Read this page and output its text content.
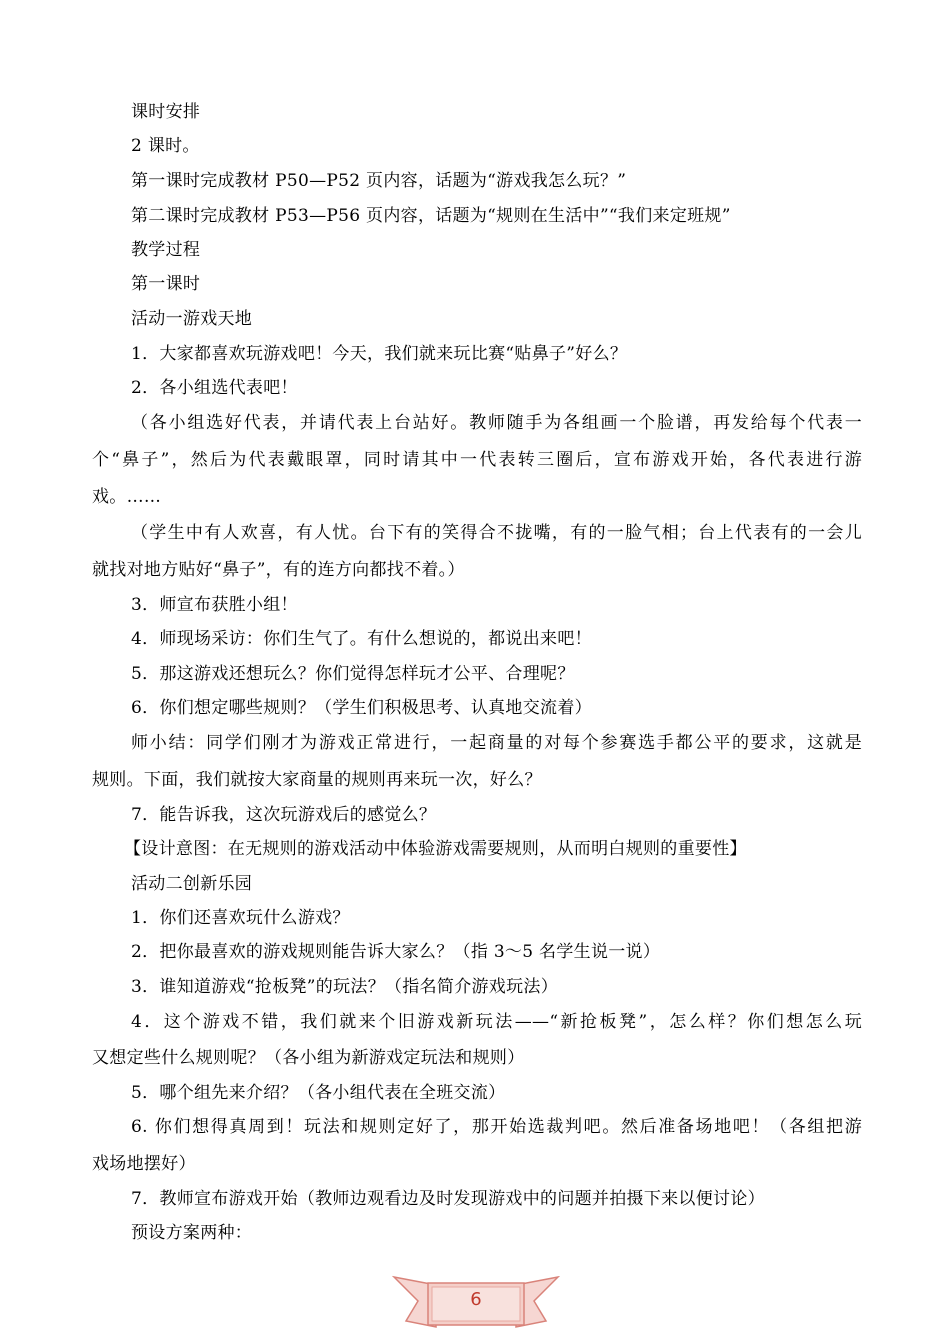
课时安排
2 课时。
第一课时完成教材 P50—P52 页内容，话题为“游戏我怎么玩？”
第二课时完成教材 P53—P56 页内容，话题为“规则在生活中”“我们来定班规”
教学过程
第一课时
活动一游戏天地
1．大家都喜欢玩游戏吧！今天，我们就来玩比赛“贴鼻子”好么？
2．各小组选代表吧！
（各小组选好代表，并请代表上台站好。教师随手为各组画一个脸谱，再发给每个代表一
个“鼻子”，然后为代表戴眼罩，同时请其中一代表转三圈后，宣布游戏开始，各代表进行游
戏。……
（学生中有人欢喜，有人忧。台下有的笑得合不拢嘴，有的一脸气相；台上代表有的一会儿
就找对地方贴好“鼻子”，有的连方向都找不着。）
3．师宣布获胜小组！
4．师现场采访：你们生气了。有什么想说的，都说出来吧！
5．那这游戏还想玩么？你们觉得怎样玩才公平、合理呢？
6．你们想定哪些规则？（学生们积极思考、认真地交流着）
师小结：同学们刚才为游戏正常进行，一起商量的对每个参赛选手都公平的要求，这就是
规则。下面，我们就按大家商量的规则再来玩一次，好么？
7．能告诉我，这次玩游戏后的感觉么？
【设计意图：在无规则的游戏活动中体验游戏需要规则，从而明白规则的重要性】
活动二创新乐园
1．你们还喜欢玩什么游戏？
2．把你最喜欢的游戏规则能告诉大家么？（指 3～5 名学生说一说）
3．谁知道游戏“抢板凳”的玩法？（指名简介游戏玩法）
4．这个游戏不错，我们就来个旧游戏新玩法——“新抢板凳”，怎么样？你们想怎么玩
又想定些什么规则呢？（各小组为新游戏定玩法和规则）
5．哪个组先来介绍？（各小组代表在全班交流）
6. 你们想得真周到！玩法和规则定好了，那开始选裁判吧。然后准备场地吧！（各组把游
戏场地摆好）
7．教师宣布游戏开始（教师边观看边及时发现游戏中的问题并拍摄下来以便讨论）
预设方案两种：
6
